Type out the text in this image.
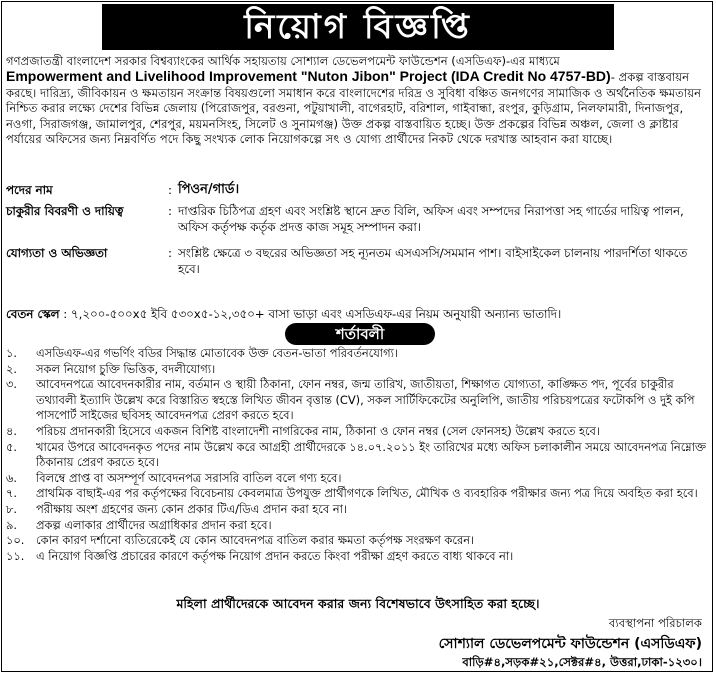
নিয়োগ বিজ্ঞপ্তি
গণপ্রজাতন্ত্রী বাংলাদেশ সরকার বিশ্বব্যাংকের আর্থিক সহায়তায় সোশ্যাল ডেভেলপমেন্ট ফাউন্ডেশন (এসডিএফ)-এর মাধ্যমে
Empowerment and Livelihood Improvement "Nuton Jibon" Project (IDA Credit No 4757-BD)- প্রকল্প বাস্তবায়ন করছে। দারিদ্র্য, জীবিকায়ন ও ক্ষমতায়ন সংক্রান্ত বিষয়গুলো সমাধান করে বাংলাদেশের দরিদ্র ও সুবিধা বঞ্চিত জনগণের সামাজিক ও অর্থনৈতিক ক্ষমতায়ন নিশ্চিত করার লক্ষ্যে দেশের বিভিন্ন জেলায় (পিরোজপুর, বরগুনা, পটুয়াখালী, বাগেরহাট, বরিশাল, গাইবান্ধা, রংপুর, কুড়িগ্রাম, নিলফামারী, দিনাজপুর, নওগা, সিরাজগঞ্জ, জামালপুর, শেরপুর, ময়মনসিংহ, সিলেট ও সুনামগঞ্জ) উক্ত প্রকল্প বাস্তবায়িত হচ্ছে। উক্ত প্রকল্পের বিভিন্ন অঞ্চল, জেলা ও ক্লাষ্টার পর্যায়ের অফিসের জন্য নিম্নবর্ণিত পদে কিছু সংখ্যক লোক নিয়োগকল্পে সৎ ও যোগ্য প্রার্থীদের নিকট থেকে দরখাস্ত আহবান করা যাচ্ছে।
পদের নাম	: পিওন/গার্ড।
চাকুরীর বিবরণী ও দায়িত্ব	: দাপ্তরিক চিঠিপত্র গ্রহণ এবং সংশ্লিষ্ট স্থানে দ্রুত বিলি, অফিস এবং সম্পদের নিরাপত্তা সহ গার্ডের দায়িত্ব পালন, অফিস কর্তৃপক্ষ কর্তৃক প্রদত্ত কাজ সমূহ সম্পাদন করা।
যোগ্যতা ও অভিজ্ঞতা	: সংশ্লিষ্ট ক্ষেত্রে ৩ বছরের অভিজ্ঞতা সহ ন্যূনতম এসএসসি/সমমান পাশ। বাইসাইকেল চালনায় পারদর্শিতা থাকতে হবে।
বেতন স্কেল : ৭,২০০-৫০০x৫ ইবি ৫৩০x৫-১২,৩৫০+ বাসা ভাড়া এবং এসডিএফ-এর নিয়ম অনুযায়ী অন্যান্য ভাতাদি।
শর্তাবলী
১.	এসডিএফ-এর গভর্ণিং বডির সিদ্ধান্ত মোতাবেক উক্ত বেতন-ভাতা পরিবর্তনযোগ্য।
২.	সকল নিয়োগ চুক্তি ভিত্তিক, বদলীযোগ্য।
৩.	আবেদনপত্রে আবেদনকারীর নাম, বর্তমান ও স্থায়ী ঠিকানা, ফোন নম্বর, জন্ম তারিখ, জাতীয়তা, শিক্ষাগত যোগ্যতা, কাঙ্ক্ষিত পদ, পূর্বের চাকুরীর তথ্যাবলী ইত্যাদি উল্লেখ করে বিস্তারিত স্বহস্তে লিখিত জীবন বৃত্তান্ত (CV), সকল সার্টিফিকেটের অনুলিপি, জাতীয় পরিচয়পত্রের ফটোকপি ও দুই কপি পাসপোর্ট সাইজের ছবিসহ আবেদনপত্র প্রেরণ করতে হবে।
৪.	পরিচয় প্রদানকারী হিসেবে একজন বিশিষ্ট বাংলাদেশী নাগরিকের নাম, ঠিকানা ও ফোন নম্বর (সেল ফোনসহ) উল্লেখ করতে হবে।
৫.	খামের উপরে আবেদনকৃত পদের নাম উল্লেখ করে আগ্রহী প্রার্থীদেরকে ১৪.০৭.২০১১ ইং তারিখের মধ্যে অফিস চলাকালীন সময়ে আবেদনপত্র নিম্নোক্ত ঠিকানায় প্রেরণ করতে হবে।
৬.	বিলম্বে প্রাপ্ত বা অসম্পূর্ণ আবেদনপত্র সরাসরি বাতিল বলে গণ্য হবে।
৭.	প্রাথমিক বাছাই-এর পর কর্তৃপক্ষের বিবেচনায় কেবলমাত্র উপযুক্ত প্রার্থীগণকে লিখিত, মৌখিক ও ব্যবহারিক পরীক্ষার জন্য পত্র দিয়ে অবহিত করা হবে।
৮.	পরীক্ষায় অংশ গ্রহণের জন্য কোন প্রকার টিএ/ডিএ প্রদান করা হবে না।
৯.	প্রকল্প এলাকার প্রার্থীদের অগ্রাধিকার প্রদান করা হবে।
১০.	কোন কারণ দর্শানো ব্যতিরেকেই যে কোন আবেদনপত্র বাতিল করার ক্ষমতা কর্তৃপক্ষ সংরক্ষণ করেন।
১১.	এ নিয়োগ বিজ্ঞপ্তি প্রচারের কারণে কর্তৃপক্ষ নিয়োগ প্রদান করতে কিংবা পরীক্ষা গ্রহণ করতে বাধ্য থাকবে না।
মহিলা প্রার্থীদেরকে আবেদন করার জন্য বিশেষভাবে উৎসাহিত করা হচ্ছে।
ব্যবস্থাপনা পরিচালক
সোশ্যাল ডেভেলপমেন্ট ফাউন্ডেশন (এসডিএফ)
বাড়ি#৪,সড়ক#২১,সেক্টর#৪, উত্তরা,ঢাকা-১২৩০।
